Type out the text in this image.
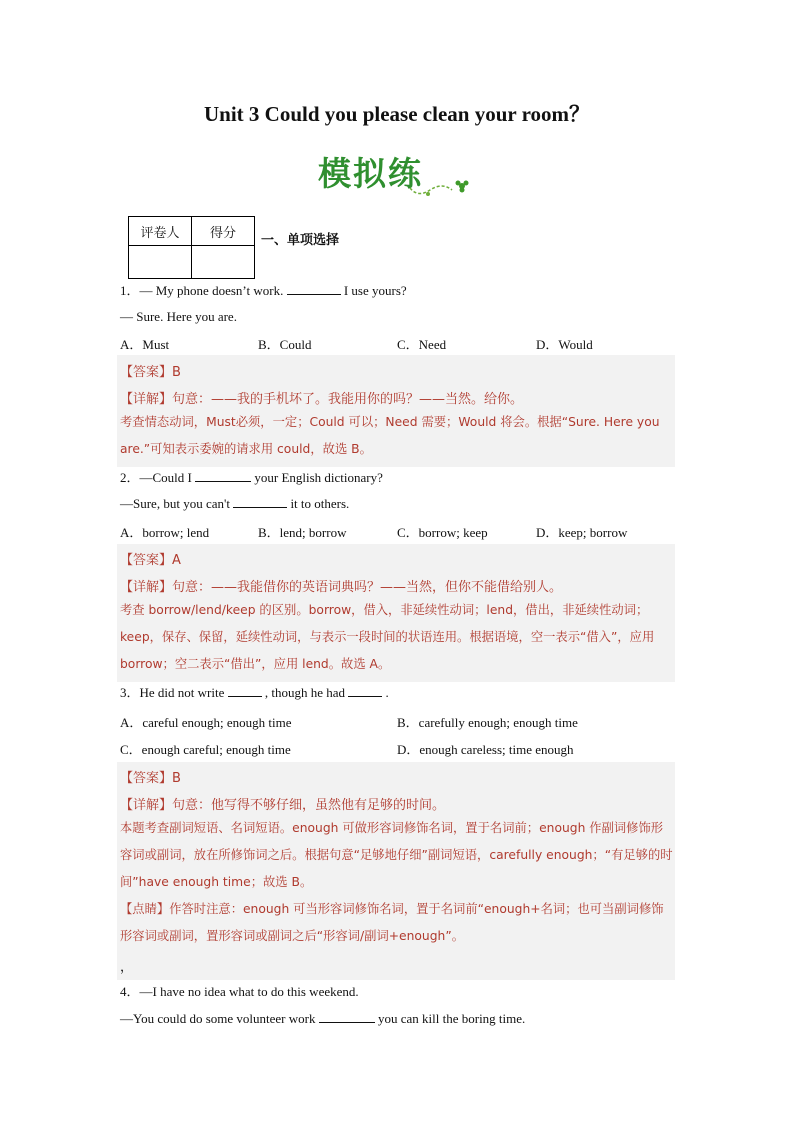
Unit 3 Could you please clean your room？
模拟练
评卷人	得分
	一、单项选择
1．— My phone doesn’t work.	I use yours?
— Sure. Here you are.
A．Must	B．Could	C．Need	D．Would
【答案】B
【详解】句意：——我的手机坏了。我能用你的吗？——当然。给你。
考查情态动词，Must必须，一定；Could 可以；Need 需要；Would 将会。根据“Sure. Here you are.”可知表示委婉的请求用 could，故选 B。
2．—Could I	your English dictionary?
—Sure, but you can't	it to others.
A．borrow; lend	B．lend; borrow	C．borrow; keep	D．keep; borrow
【答案】A
【详解】句意：——我能借你的英语词典吗？——当然，但你不能借给别人。
考查 borrow/lend/keep 的区别。borrow，借入，非延续性动词；lend，借出，非延续性动词；keep，保存、保留，延续性动词，与表示一段时间的状语连用。根据语境，空一表示“借入”，应用 borrow；空二表示“借出”，应用 lend。故选 A。
3．He did not write	, though he had	.
A．careful enough; enough time	B．carefully enough; enough time
C．enough careful; enough time	D．enough careless; time enough
【答案】B
【详解】句意：他写得不够仔细，虽然他有足够的时间。
本题考查副词短语、名词短语。enough 可做形容词修饰名词，置于名词前；enough 作副词修饰形容词或副词，放在所修饰词之后。根据句意“足够地仔细”副词短语，carefully enough；“有足够的时间”have enough time；故选 B。
【点睛】作答时注意：enough 可当形容词修饰名词，置于名词前“enough+名词；也可当副词修饰形容词或副词，置形容词或副词之后“形容词/副词+enough”。
，
4．—I have no idea what to do this weekend.
—You could do some volunteer work	you can kill the boring time.
